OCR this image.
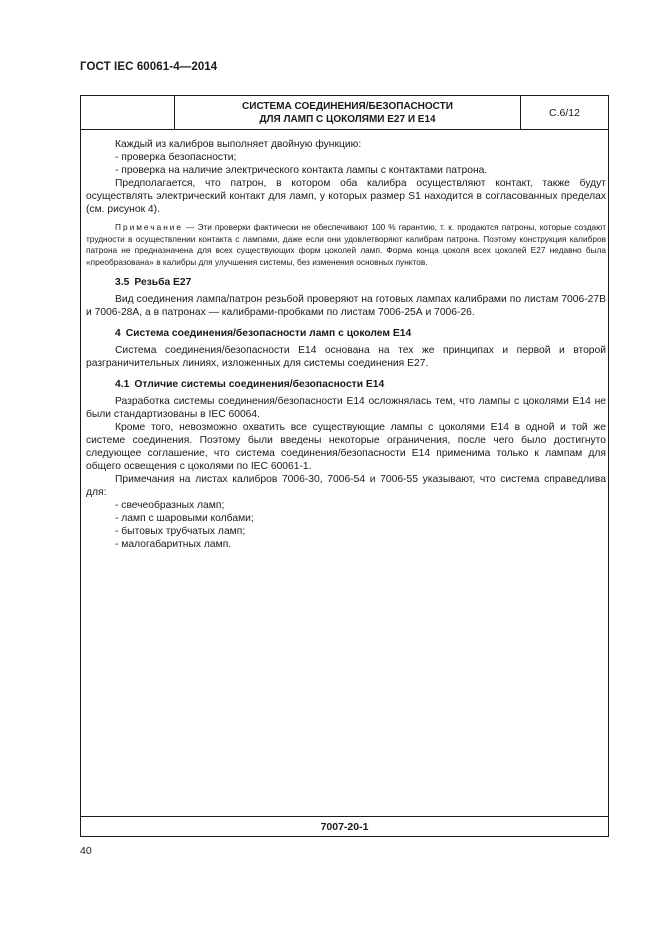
ГОСТ IEC 60061-4—2014
СИСТЕМА СОЕДИНЕНИЯ/БЕЗОПАСНОСТИ
ДЛЯ ЛАМП С ЦОКОЛЯМИ Е27 И Е14
С.6/12

Каждый из калибров выполняет двойную функцию:

- проверка безопасности;

- проверка на наличие электрического контакта лампы с контактами патрона.

Предполагается, что патрон, в котором оба калибра осуществляют контакт, также будут осуществлять электрический контакт для ламп, у которых размер S1 находится в согласованных пределах (см. рисунок 4).

Примечание — Эти проверки фактически не обеспечивают 100 % гарантию, т. к. продаются патроны, которые создают трудности в осуществлении контакта с лампами, даже если они удовлетворяют калибрам патрона. Поэтому конструкция калибров патрона не предназначена для всех существующих форм цоколей ламп. Форма конца цоколя всех цоколей Е27 недавно была «преобразована» в калибры для улучшения системы, без изменения основных пунктов.

3.5 Резьба Е27

Вид соединения лампа/патрон резьбой проверяют на готовых лампах калибрами по листам 7006-27В и 7006-28А, а в патронах — калибрами-пробками по листам 7006-25А и 7006-26.

4 Система соединения/безопасности ламп с цоколем Е14

Система соединения/безопасности Е14 основана на тех же принципах и первой и второй разграничительных линиях, изложенных для системы соединения Е27.

4.1 Отличие системы соединения/безопасности Е14

Разработка системы соединения/безопасности Е14 осложнялась тем, что лампы с цоколями Е14 не были стандартизованы в IEC 60064.

Кроме того, невозможно охватить все существующие лампы с цоколями Е14 в одной и той же системе соединения. Поэтому были введены некоторые ограничения, после чего было достигнуто следующее соглашение, что система соединения/безопасности Е14 применима только к лампам для общего освещения с цоколями по IEC 60061-1.

Примечания на листах калибров 7006-30, 7006-54 и 7006-55 указывают, что система справедлива для:

- свечеобразных ламп;

- ламп с шаровыми колбами;

- бытовых трубчатых ламп;

- малогабаритных ламп.

7007-20-1
40
